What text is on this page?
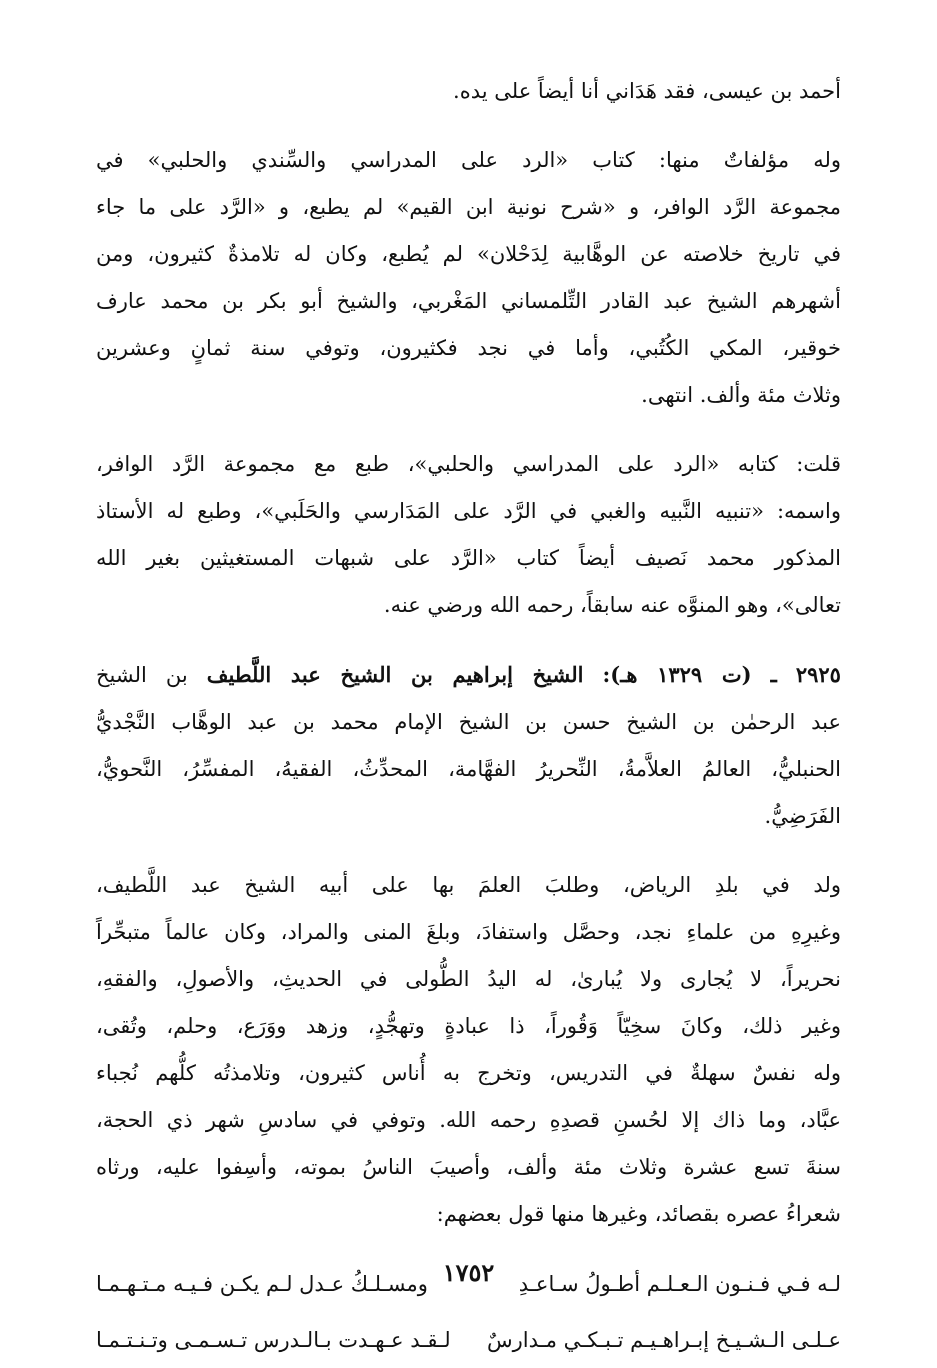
أحمد بن عيسى، فقد هَدَاني أنا أيضاً على يده.
وله مؤلفاتٌ منها: كتاب «الرد على المدراسي والسِّندي والحلبي» في
مجموعة الرَّد الوافر، و «شرح نونية ابن القيم» لم يطبع، و «الرَّد على ما جاء
في تاريخ خلاصته عن الوهَّابية لِدَحْلان» لم يُطبع، وكان له تلامذةٌ كثيرون، ومن
أشهرهم الشيخ عبد القادر التِّلمساني المَغْربي، والشيخ أبو بكر بن محمد عارف
خوقير، المكي الكُتُبي، وأما في نجد فكثيرون، وتوفي سنة ثمانٍ وعشرين
وثلاث مئة وألف. انتهى.
قلت: كتابه «الرد على المدراسي والحلبي»، طبع مع مجموعة الرَّد الوافر،
واسمه: «تنبيه النَّبيه والغبي في الرَّد على المَدَارسي والحَلَبي»، وطبع له الأستاذ
المذكور محمد نَصيف أيضاً كتاب «الرَّد على شبهات المستغيثين بغير الله
تعالى»، وهو المنوَّه عنه سابقاً، رحمه الله ورضي عنه.
٢٩٢٥ ـ (ت ١٣٢٩ هـ): الشيخ إبراهيم بن الشيخ عبد اللَّطيف بن الشيخ
عبد الرحمٰن بن الشيخ حسن بن الشيخ الإمام محمد بن عبد الوهَّاب النَّجْديُّ
الحنبليُّ، العالمُ العلاَّمةُ، النِّحريرُ الفهَّامة، المحدِّثُ، الفقيهُ، المفسِّرُ، النَّحويُّ،
الفَرَضِيُّ.
ولد في بلدِ الرياض، وطلبَ العلمَ بها على أبيه الشيخ عبد اللَّطيف،
وغيرِهِ من علماءِ نجد، وحصَّل واستفادَ، وبلغَ المنى والمراد، وكان عالماً متبحِّراً
نحريراً، لا يُجارى ولا يُبارىٰ، له اليدُ الطُّولى في الحديثِ، والأصولِ، والفقهِ،
وغير ذلك، وكانَ سخِيّاً وَقُوراً، ذا عبادةٍ وتهجُّدٍ، وزهد ووَرَع، وحلم، وتُقى،
وله نفسٌ سهلةٌ في التدريس، وتخرج به أُناس كثيرون، وتلامذتُه كلُّهم نُجباء
عبَّاد، وما ذاك إلا لحُسنِ قصدِهِ رحمه الله. وتوفي في سادسِ شهر ذي الحجة،
سنةَ تسع عشرة وثلاث مئة وألف، وأصيبَ الناسُ بموته، وأسِفوا عليه، ورثاه
شعراءُ عصره بقصائد، وغيرها منها قول بعضهم:
لـه فـي فـنـون الـعـلـم أطـولُ سـاعـدِ
ومسـلـكُ عـدل لـم يكـن فـيـه مـتـهـمـا
عـلـى الـشـيـخ إبـراهـيـم تـبـكـي مـدارسٌ
لـقـد عـهـدت بـالـدرس تـسـمـى وتـنـتـمـا
١٧٥٢
